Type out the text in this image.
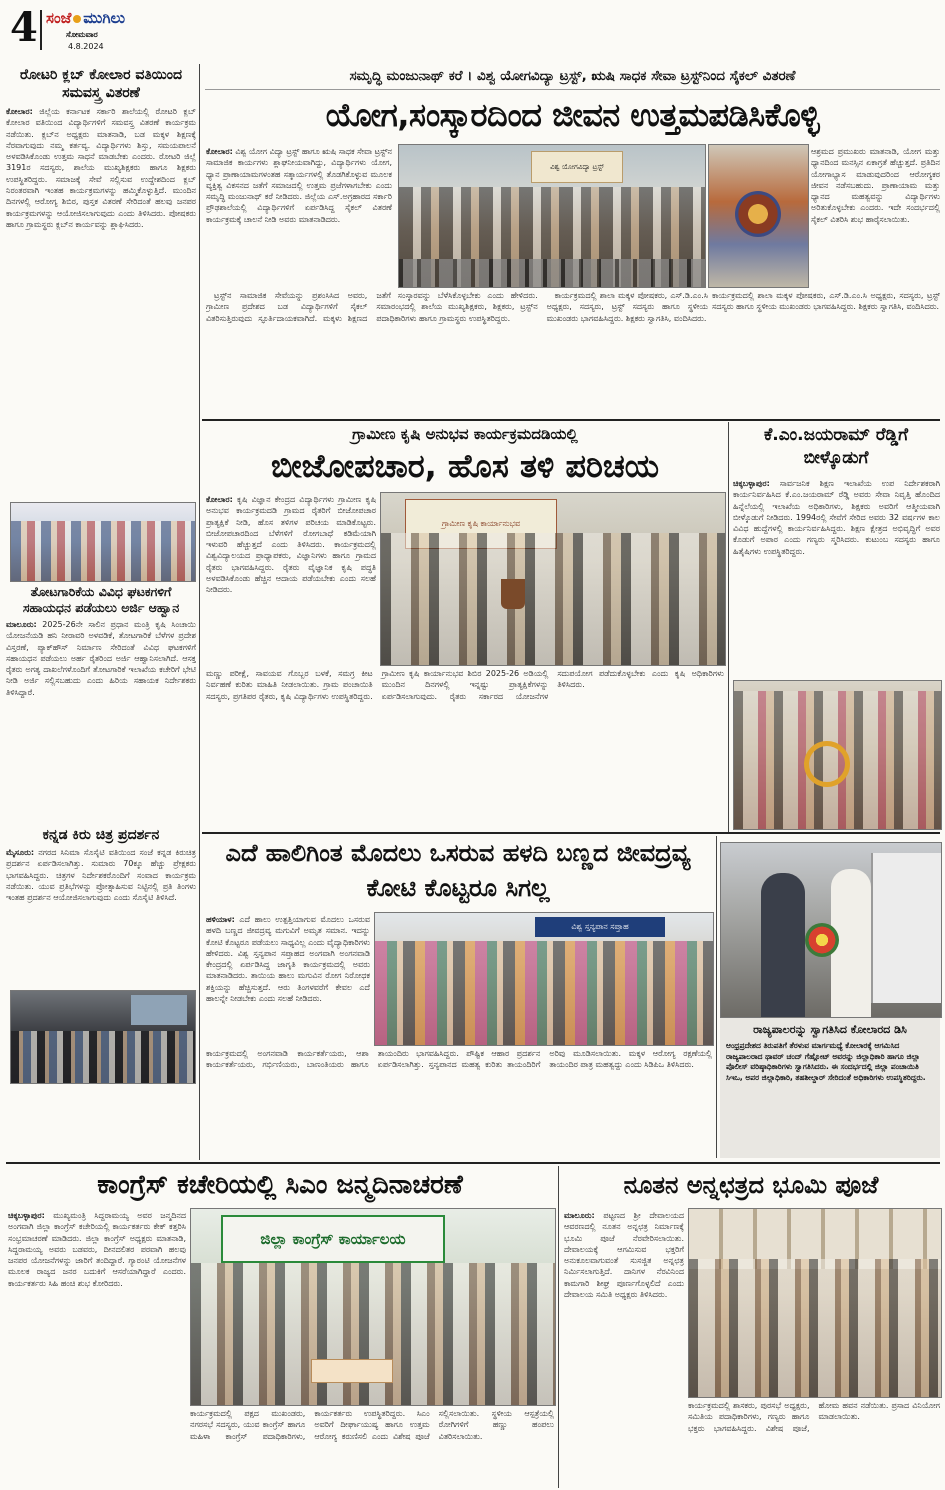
4 ಸಂಜೆ ಮುಗಿಲು
ಸೋಮವಾರ
4.8.2024
ಸಮೃದ್ಧಿ ಮಂಜುನಾಥ್ ಕರೆ । ವಿಶ್ವ ಯೋಗವಿದ್ಯಾ ಟ್ರಸ್ಟ್, ಋಷಿ ಸಾಧಕ ಸೇವಾ ಟ್ರಸ್ಟ್‌ನಿಂದ ಸೈಕಲ್ ವಿತರಣೆ
ಯೋಗ,ಸಂಸ್ಕಾರದಿಂದ ಜೀವನ ಉತ್ತಮಪಡಿಸಿಕೊಳ್ಳಿ
ಕೋಲಾರ: ವಿಶ್ವ ಯೋಗ ವಿದ್ಯಾ ಟ್ರಸ್ಟ್ ಹಾಗೂ ಋಷಿ ಸಾಧಕ ಸೇವಾ ಟ್ರಸ್ಟ್‌ನ ಸಾಮಾಜಿಕ ಕಾರ್ಯಗಳು ಶ್ಲಾಘನೀಯವಾಗಿದ್ದು, ವಿದ್ಯಾರ್ಥಿಗಳು ಯೋಗ, ಧ್ಯಾನ ಪ್ರಾಣಾಯಾಮಗಳಂತಹ ಸತ್ಕಾರ್ಯಗಳಲ್ಲಿ ತೊಡಗಿಕೊಳ್ಳುವ ಮೂಲಕ ವ್ಯಕ್ತಿತ್ವ ವಿಕಸನದ ಜತೆಗೆ ಸಮಾಜದಲ್ಲಿ ಉತ್ತಮ ಪ್ರಜೆಗಳಾಗಬೇಕು ಎಂದು ಸಮೃದ್ಧಿ ಮಂಜುನಾಥ್ ಕರೆ ನೀಡಿದರು. ಜಿಲ್ಲೆಯ ಎಸ್.ಅಗ್ರಹಾರದ ಸರ್ಕಾರಿ ಪ್ರೌಢಶಾಲೆಯಲ್ಲಿ ವಿದ್ಯಾರ್ಥಿಗಳಿಗೆ ಏರ್ಪಡಿಸಿದ್ದ ಸೈಕಲ್ ವಿತರಣೆ ಕಾರ್ಯಕ್ರಮಕ್ಕೆ ಚಾಲನೆ ನೀಡಿ ಅವರು ಮಾತನಾಡಿದರು.
ವಿಶ್ವ ಯೋಗವಿದ್ಯಾ ಟ್ರಸ್ಟ್
ಆಶ್ರಮದ ಪ್ರಮುಖರು ಮಾತನಾಡಿ, ಯೋಗ ಮತ್ತು ಧ್ಯಾನದಿಂದ ಮನಸ್ಸಿನ ಏಕಾಗ್ರತೆ ಹೆಚ್ಚುತ್ತದೆ. ಪ್ರತಿದಿನ ಯೋಗಾಭ್ಯಾಸ ಮಾಡುವುದರಿಂದ ಆರೋಗ್ಯಕರ ಜೀವನ ನಡೆಸಬಹುದು. ಪ್ರಾಣಾಯಾಮ ಮತ್ತು ಧ್ಯಾನದ ಮಹತ್ವವನ್ನು ವಿದ್ಯಾರ್ಥಿಗಳು ಅರಿತುಕೊಳ್ಳಬೇಕು ಎಂದರು. ಇದೇ ಸಂದರ್ಭದಲ್ಲಿ ಸೈಕಲ್ ವಿತರಿಸಿ ಶುಭ ಹಾರೈಸಲಾಯಿತು.

ಟ್ರಸ್ಟ್‌ನ ಸಾಮಾಜಿಕ ಸೇವೆಯನ್ನು ಪ್ರಶಂಸಿಸಿದ ಅವರು, ಗ್ರಾಮೀಣ ಪ್ರದೇಶದ ಬಡ ವಿದ್ಯಾರ್ಥಿಗಳಿಗೆ ಸೈಕಲ್ ವಿತರಿಸುತ್ತಿರುವುದು ಸ್ಫೂರ್ತಿದಾಯಕವಾಗಿದೆ. ಮಕ್ಕಳು ಶಿಕ್ಷಣದ ಜತೆಗೆ ಸಂಸ್ಕಾರವನ್ನು ಬೆಳೆಸಿಕೊಳ್ಳಬೇಕು ಎಂದು ಹೇಳಿದರು. ಸಮಾರಂಭದಲ್ಲಿ ಶಾಲೆಯ ಮುಖ್ಯಶಿಕ್ಷಕರು, ಶಿಕ್ಷಕರು, ಟ್ರಸ್ಟ್‌ನ ಪದಾಧಿಕಾರಿಗಳು ಹಾಗೂ ಗ್ರಾಮಸ್ಥರು ಉಪಸ್ಥಿತರಿದ್ದರು.

ಕಾರ್ಯಕ್ರಮದಲ್ಲಿ ಶಾಲಾ ಮಕ್ಕಳ ಪೋಷಕರು, ಎಸ್.ಡಿ.ಎಂ.ಸಿ ಅಧ್ಯಕ್ಷರು, ಸದಸ್ಯರು, ಟ್ರಸ್ಟ್ ಸದಸ್ಯರು ಹಾಗೂ ಸ್ಥಳೀಯ ಮುಖಂಡರು ಭಾಗವಹಿಸಿದ್ದರು. ಶಿಕ್ಷಕರು ಸ್ವಾಗತಿಸಿ, ವಂದಿಸಿದರು.

ಕಾರ್ಯಕ್ರಮದಲ್ಲಿ ಶಾಲಾ ಮಕ್ಕಳ ಪೋಷಕರು, ಎಸ್.ಡಿ.ಎಂ.ಸಿ ಅಧ್ಯಕ್ಷರು, ಸದಸ್ಯರು, ಟ್ರಸ್ಟ್ ಸದಸ್ಯರು ಹಾಗೂ ಸ್ಥಳೀಯ ಮುಖಂಡರು ಭಾಗವಹಿಸಿದ್ದರು. ಶಿಕ್ಷಕರು ಸ್ವಾಗತಿಸಿ, ವಂದಿಸಿದರು.
ರೋಟರಿ ಕ್ಲಬ್ ಕೋಲಾರ ವತಿಯಿಂದ ಸಮವಸ್ತ್ರ ವಿತರಣೆ
ಕೋಲಾರ: ಜಿಲ್ಲೆಯ ಕರ್ನಾಟಕ ಸರ್ಕಾರಿ ಶಾಲೆಯಲ್ಲಿ ರೋಟರಿ ಕ್ಲಬ್ ಕೋಲಾರ ವತಿಯಿಂದ ವಿದ್ಯಾರ್ಥಿಗಳಿಗೆ ಸಮವಸ್ತ್ರ ವಿತರಣೆ ಕಾರ್ಯಕ್ರಮ ನಡೆಯಿತು. ಕ್ಲಬ್‌ನ ಅಧ್ಯಕ್ಷರು ಮಾತನಾಡಿ, ಬಡ ಮಕ್ಕಳ ಶಿಕ್ಷಣಕ್ಕೆ ನೆರವಾಗುವುದು ನಮ್ಮ ಕರ್ತವ್ಯ. ವಿದ್ಯಾರ್ಥಿಗಳು ಶಿಸ್ತು, ಸಮಯಪಾಲನೆ ಅಳವಡಿಸಿಕೊಂಡು ಉತ್ತಮ ಸಾಧನೆ ಮಾಡಬೇಕು ಎಂದರು. ರೋಟರಿ ಜಿಲ್ಲೆ 3191ರ ಸದಸ್ಯರು, ಶಾಲೆಯ ಮುಖ್ಯಶಿಕ್ಷಕರು ಹಾಗೂ ಶಿಕ್ಷಕರು ಉಪಸ್ಥಿತರಿದ್ದರು. ಸಮಾಜಕ್ಕೆ ಸೇವೆ ಸಲ್ಲಿಸುವ ಉದ್ದೇಶದಿಂದ ಕ್ಲಬ್ ನಿರಂತರವಾಗಿ ಇಂತಹ ಕಾರ್ಯಕ್ರಮಗಳನ್ನು ಹಮ್ಮಿಕೊಳ್ಳುತ್ತಿದೆ. ಮುಂದಿನ ದಿನಗಳಲ್ಲಿ ಆರೋಗ್ಯ ಶಿಬಿರ, ಪುಸ್ತಕ ವಿತರಣೆ ಸೇರಿದಂತೆ ಹಲವು ಜನಪರ ಕಾರ್ಯಕ್ರಮಗಳನ್ನು ಆಯೋಜಿಸಲಾಗುವುದು ಎಂದು ತಿಳಿಸಿದರು. ಪೋಷಕರು ಹಾಗೂ ಗ್ರಾಮಸ್ಥರು ಕ್ಲಬ್‌ನ ಕಾರ್ಯವನ್ನು ಶ್ಲಾಘಿಸಿದರು.
ತೋಟಗಾರಿಕೆಯ ವಿವಿಧ ಘಟಕಗಳಿಗೆ ಸಹಾಯಧನ ಪಡೆಯಲು ಅರ್ಜಿ ಆಹ್ವಾನ
ಮಾಲೂರು: 2025-26ನೇ ಸಾಲಿನ ಪ್ರಧಾನ ಮಂತ್ರಿ ಕೃಷಿ ಸಿಂಚಾಯಿ ಯೋಜನೆಯಡಿ ಹನಿ ನೀರಾವರಿ ಅಳವಡಿಕೆ, ತೋಟಗಾರಿಕೆ ಬೆಳೆಗಳ ಪ್ರದೇಶ ವಿಸ್ತರಣೆ, ಪ್ಯಾಕ್‌ಹೌಸ್ ನಿರ್ಮಾಣ ಸೇರಿದಂತೆ ವಿವಿಧ ಘಟಕಗಳಿಗೆ ಸಹಾಯಧನ ಪಡೆಯಲು ಅರ್ಹ ರೈತರಿಂದ ಅರ್ಜಿ ಆಹ್ವಾನಿಸಲಾಗಿದೆ. ಆಸಕ್ತ ರೈತರು ಅಗತ್ಯ ದಾಖಲೆಗಳೊಂದಿಗೆ ತೋಟಗಾರಿಕೆ ಇಲಾಖೆಯ ಕಚೇರಿಗೆ ಭೇಟಿ ನೀಡಿ ಅರ್ಜಿ ಸಲ್ಲಿಸಬಹುದು ಎಂದು ಹಿರಿಯ ಸಹಾಯಕ ನಿರ್ದೇಶಕರು ತಿಳಿಸಿದ್ದಾರೆ.
ಕನ್ನಡ ಕಿರು ಚಿತ್ರ ಪ್ರದರ್ಶನ
ಮೈಸೂರು: ನಗರದ ಸಿನಿಮಾ ಸೊಸೈಟಿ ವತಿಯಿಂದ ಸಂಜೆ ಕನ್ನಡ ಕಿರುಚಿತ್ರ ಪ್ರದರ್ಶನ ಏರ್ಪಡಿಸಲಾಗಿತ್ತು. ಸುಮಾರು 70ಕ್ಕೂ ಹೆಚ್ಚು ಪ್ರೇಕ್ಷಕರು ಭಾಗವಹಿಸಿದ್ದರು. ಚಿತ್ರಗಳ ನಿರ್ದೇಶಕರೊಂದಿಗೆ ಸಂವಾದ ಕಾರ್ಯಕ್ರಮ ನಡೆಯಿತು. ಯುವ ಪ್ರತಿಭೆಗಳನ್ನು ಪ್ರೋತ್ಸಾಹಿಸುವ ನಿಟ್ಟಿನಲ್ಲಿ ಪ್ರತಿ ತಿಂಗಳು ಇಂತಹ ಪ್ರದರ್ಶನ ಆಯೋಜಿಸಲಾಗುವುದು ಎಂದು ಸೊಸೈಟಿ ತಿಳಿಸಿದೆ.
ಗ್ರಾಮೀಣ ಕೃಷಿ ಅನುಭವ ಕಾರ್ಯಕ್ರಮದಡಿಯಲ್ಲಿ
ಬೀಜೋಪಚಾರ, ಹೊಸ ತಳಿ ಪರಿಚಯ
ಕೋಲಾರ: ಕೃಷಿ ವಿಜ್ಞಾನ ಕೇಂದ್ರದ ವಿದ್ಯಾರ್ಥಿಗಳು ಗ್ರಾಮೀಣ ಕೃಷಿ ಅನುಭವ ಕಾರ್ಯಕ್ರಮದಡಿ ಗ್ರಾಮದ ರೈತರಿಗೆ ಬೀಜೋಪಚಾರ ಪ್ರಾತ್ಯಕ್ಷಿಕೆ ನೀಡಿ, ಹೊಸ ತಳಿಗಳ ಪರಿಚಯ ಮಾಡಿಕೊಟ್ಟರು. ಬೀಜೋಪಚಾರದಿಂದ ಬೆಳೆಗಳಿಗೆ ರೋಗಬಾಧೆ ಕಡಿಮೆಯಾಗಿ ಇಳುವರಿ ಹೆಚ್ಚುತ್ತದೆ ಎಂದು ತಿಳಿಸಿದರು. ಕಾರ್ಯಕ್ರಮದಲ್ಲಿ ವಿಶ್ವವಿದ್ಯಾಲಯದ ಪ್ರಾಧ್ಯಾಪಕರು, ವಿಜ್ಞಾನಿಗಳು ಹಾಗೂ ಗ್ರಾಮದ ರೈತರು ಭಾಗವಹಿಸಿದ್ದರು. ರೈತರು ವೈಜ್ಞಾನಿಕ ಕೃಷಿ ಪದ್ಧತಿ ಅಳವಡಿಸಿಕೊಂಡು ಹೆಚ್ಚಿನ ಆದಾಯ ಪಡೆಯಬೇಕು ಎಂದು ಸಲಹೆ ನೀಡಿದರು.
ಗ್ರಾಮೀಣ ಕೃಷಿ ಕಾರ್ಯಾನುಭವ
ಮಣ್ಣು ಪರೀಕ್ಷೆ, ಸಾವಯವ ಗೊಬ್ಬರ ಬಳಕೆ, ಸಮಗ್ರ ಕೀಟ ನಿರ್ವಹಣೆ ಕುರಿತು ಮಾಹಿತಿ ನೀಡಲಾಯಿತು. ಗ್ರಾಮ ಪಂಚಾಯಿತಿ ಸದಸ್ಯರು, ಪ್ರಗತಿಪರ ರೈತರು, ಕೃಷಿ ವಿದ್ಯಾರ್ಥಿಗಳು ಉಪಸ್ಥಿತರಿದ್ದರು. ಗ್ರಾಮೀಣ ಕೃಷಿ ಕಾರ್ಯಾನುಭವ ಶಿಬಿರ 2025-26 ಅಡಿಯಲ್ಲಿ ಮುಂದಿನ ದಿನಗಳಲ್ಲಿ ಇನ್ನಷ್ಟು ಪ್ರಾತ್ಯಕ್ಷಿಕೆಗಳನ್ನು ಏರ್ಪಡಿಸಲಾಗುವುದು. ರೈತರು ಸರ್ಕಾರದ ಯೋಜನೆಗಳ ಸದುಪಯೋಗ ಪಡೆದುಕೊಳ್ಳಬೇಕು ಎಂದು ಕೃಷಿ ಅಧಿಕಾರಿಗಳು ತಿಳಿಸಿದರು.
ಕೆ.ಎಂ.ಜಯರಾಮ್ ರೆಡ್ಡಿಗೆ ಬೀಳ್ಕೊಡುಗೆ
ಚಿಕ್ಕಬಳ್ಳಾಪುರ: ಸಾರ್ವಜನಿಕ ಶಿಕ್ಷಣ ಇಲಾಖೆಯ ಉಪ ನಿರ್ದೇಶಕರಾಗಿ ಕಾರ್ಯನಿರ್ವಹಿಸಿದ ಕೆ.ಎಂ.ಜಯರಾಮ್ ರೆಡ್ಡಿ ಅವರು ಸೇವಾ ನಿವೃತ್ತಿ ಹೊಂದಿದ ಹಿನ್ನೆಲೆಯಲ್ಲಿ ಇಲಾಖೆಯ ಅಧಿಕಾರಿಗಳು, ಶಿಕ್ಷಕರು ಅವರಿಗೆ ಆತ್ಮೀಯವಾಗಿ ಬೀಳ್ಕೊಡುಗೆ ನೀಡಿದರು. 1994ರಲ್ಲಿ ಸೇವೆಗೆ ಸೇರಿದ ಅವರು 32 ವರ್ಷಗಳ ಕಾಲ ವಿವಿಧ ಹುದ್ದೆಗಳಲ್ಲಿ ಕಾರ್ಯನಿರ್ವಹಿಸಿದ್ದರು. ಶಿಕ್ಷಣ ಕ್ಷೇತ್ರದ ಅಭಿವೃದ್ಧಿಗೆ ಅವರ ಕೊಡುಗೆ ಅಪಾರ ಎಂದು ಗಣ್ಯರು ಸ್ಮರಿಸಿದರು. ಕುಟುಂಬ ಸದಸ್ಯರು ಹಾಗೂ ಹಿತೈಷಿಗಳು ಉಪಸ್ಥಿತರಿದ್ದರು.
ಎದೆ ಹಾಲಿಗಿಂತ ಮೊದಲು ಒಸರುವ ಹಳದಿ ಬಣ್ಣದ ಜೀವದ್ರವ್ಯ ಕೋಟಿ ಕೊಟ್ಟರೂ ಸಿಗಲ್ಲ
ಹಳಿಯಾಳ: ಎದೆ ಹಾಲು ಉತ್ಪತ್ತಿಯಾಗುವ ಮೊದಲು ಒಸರುವ ಹಳದಿ ಬಣ್ಣದ ಜೀವದ್ರವ್ಯ ಮಗುವಿಗೆ ಅಮೃತ ಸಮಾನ. ಇದನ್ನು ಕೋಟಿ ಕೊಟ್ಟರೂ ಪಡೆಯಲು ಸಾಧ್ಯವಿಲ್ಲ ಎಂದು ವೈದ್ಯಾಧಿಕಾರಿಗಳು ಹೇಳಿದರು. ವಿಶ್ವ ಸ್ತನ್ಯಪಾನ ಸಪ್ತಾಹದ ಅಂಗವಾಗಿ ಅಂಗನವಾಡಿ ಕೇಂದ್ರದಲ್ಲಿ ಏರ್ಪಡಿಸಿದ್ದ ಜಾಗೃತಿ ಕಾರ್ಯಕ್ರಮದಲ್ಲಿ ಅವರು ಮಾತನಾಡಿದರು. ತಾಯಿಯ ಹಾಲು ಮಗುವಿನ ರೋಗ ನಿರೋಧಕ ಶಕ್ತಿಯನ್ನು ಹೆಚ್ಚಿಸುತ್ತದೆ. ಆರು ತಿಂಗಳವರೆಗೆ ಕೇವಲ ಎದೆ ಹಾಲನ್ನೇ ನೀಡಬೇಕು ಎಂದು ಸಲಹೆ ನೀಡಿದರು.
ವಿಶ್ವ ಸ್ತನ್ಯಪಾನ ಸಪ್ತಾಹ
ಕಾರ್ಯಕ್ರಮದಲ್ಲಿ ಅಂಗನವಾಡಿ ಕಾರ್ಯಕರ್ತೆಯರು, ಆಶಾ ಕಾರ್ಯಕರ್ತೆಯರು, ಗರ್ಭಿಣಿಯರು, ಬಾಣಂತಿಯರು ಹಾಗೂ ತಾಯಂದಿರು ಭಾಗವಹಿಸಿದ್ದರು. ಪೌಷ್ಟಿಕ ಆಹಾರ ಪ್ರದರ್ಶನ ಏರ್ಪಡಿಸಲಾಗಿತ್ತು. ಸ್ತನ್ಯಪಾನದ ಮಹತ್ವ ಕುರಿತು ತಾಯಂದಿರಿಗೆ ಅರಿವು ಮೂಡಿಸಲಾಯಿತು. ಮಕ್ಕಳ ಆರೋಗ್ಯ ರಕ್ಷಣೆಯಲ್ಲಿ ತಾಯಂದಿರ ಪಾತ್ರ ಮಹತ್ವದ್ದು ಎಂದು ಸಿಡಿಪಿಒ ತಿಳಿಸಿದರು.
ರಾಜ್ಯಪಾಲರನ್ನು ಸ್ವಾಗತಿಸಿದ ಕೋಲಾರದ ಡಿಸಿ
ಆಂಧ್ರಪ್ರದೇಶದ ತಿರುಪತಿಗೆ ತೆರಳುವ ಮಾರ್ಗಮಧ್ಯೆ ಕೋಲಾರಕ್ಕೆ ಆಗಮಿಸಿದ ರಾಜ್ಯಪಾಲರಾದ ಥಾವರ್ ಚಂದ್ ಗೆಹ್ಲೋಟ್ ಅವರನ್ನು ಜಿಲ್ಲಾಧಿಕಾರಿ ಹಾಗೂ ಜಿಲ್ಲಾ ಪೊಲೀಸ್ ವರಿಷ್ಠಾಧಿಕಾರಿಗಳು ಸ್ವಾಗತಿಸಿದರು. ಈ ಸಂದರ್ಭದಲ್ಲಿ ಜಿಲ್ಲಾ ಪಂಚಾಯಿತಿ ಸಿಇಒ, ಅಪರ ಜಿಲ್ಲಾಧಿಕಾರಿ, ತಹಶೀಲ್ದಾರ್ ಸೇರಿದಂತೆ ಅಧಿಕಾರಿಗಳು ಉಪಸ್ಥಿತರಿದ್ದರು.
ಕಾಂಗ್ರೆಸ್ ಕಚೇರಿಯಲ್ಲಿ ಸಿಎಂ ಜನ್ಮದಿನಾಚರಣೆ
ಚಿಕ್ಕಬಳ್ಳಾಪುರ: ಮುಖ್ಯಮಂತ್ರಿ ಸಿದ್ದರಾಮಯ್ಯ ಅವರ ಜನ್ಮದಿನದ ಅಂಗವಾಗಿ ಜಿಲ್ಲಾ ಕಾಂಗ್ರೆಸ್ ಕಚೇರಿಯಲ್ಲಿ ಕಾರ್ಯಕರ್ತರು ಕೇಕ್ ಕತ್ತರಿಸಿ ಸಂಭ್ರಮಾಚರಣೆ ಮಾಡಿದರು. ಜಿಲ್ಲಾ ಕಾಂಗ್ರೆಸ್ ಅಧ್ಯಕ್ಷರು ಮಾತನಾಡಿ, ಸಿದ್ದರಾಮಯ್ಯ ಅವರು ಬಡವರು, ದೀನದಲಿತರ ಪರವಾಗಿ ಹಲವು ಜನಪರ ಯೋಜನೆಗಳನ್ನು ಜಾರಿಗೆ ತಂದಿದ್ದಾರೆ. ಗ್ಯಾರಂಟಿ ಯೋಜನೆಗಳ ಮೂಲಕ ರಾಜ್ಯದ ಜನರ ಬದುಕಿಗೆ ಆಸರೆಯಾಗಿದ್ದಾರೆ ಎಂದರು. ಕಾರ್ಯಕರ್ತರು ಸಿಹಿ ಹಂಚಿ ಶುಭ ಕೋರಿದರು.
ಜಿಲ್ಲಾ ಕಾಂಗ್ರೆಸ್ ಕಾರ್ಯಾಲಯ
ಕಾರ್ಯಕ್ರಮದಲ್ಲಿ ಪಕ್ಷದ ಮುಖಂಡರು, ನಗರಸಭೆ ಸದಸ್ಯರು, ಯುವ ಕಾಂಗ್ರೆಸ್ ಹಾಗೂ ಮಹಿಳಾ ಕಾಂಗ್ರೆಸ್ ಪದಾಧಿಕಾರಿಗಳು, ಕಾರ್ಯಕರ್ತರು ಉಪಸ್ಥಿತರಿದ್ದರು. ಸಿಎಂ ಅವರಿಗೆ ದೀರ್ಘಾಯುಷ್ಯ ಹಾಗೂ ಉತ್ತಮ ಆರೋಗ್ಯ ಕರುಣಿಸಲಿ ಎಂದು ವಿಶೇಷ ಪೂಜೆ ಸಲ್ಲಿಸಲಾಯಿತು. ಸ್ಥಳೀಯ ಆಸ್ಪತ್ರೆಯಲ್ಲಿ ರೋಗಿಗಳಿಗೆ ಹಣ್ಣು ಹಂಪಲು ವಿತರಿಸಲಾಯಿತು.
ನೂತನ ಅನ್ನಛತ್ರದ ಭೂಮಿ ಪೂಜೆ
ಮಾಲೂರು: ಪಟ್ಟಣದ ಶ್ರೀ ದೇವಾಲಯದ ಆವರಣದಲ್ಲಿ ನೂತನ ಅನ್ನಛತ್ರ ನಿರ್ಮಾಣಕ್ಕೆ ಭೂಮಿ ಪೂಜೆ ನೆರವೇರಿಸಲಾಯಿತು. ದೇವಾಲಯಕ್ಕೆ ಆಗಮಿಸುವ ಭಕ್ತರಿಗೆ ಅನುಕೂಲವಾಗುವಂತೆ ಸುಸಜ್ಜಿತ ಅನ್ನಛತ್ರ ನಿರ್ಮಿಸಲಾಗುತ್ತಿದೆ. ದಾನಿಗಳ ನೆರವಿನಿಂದ ಕಾಮಗಾರಿ ಶೀಘ್ರ ಪೂರ್ಣಗೊಳ್ಳಲಿದೆ ಎಂದು ದೇವಾಲಯ ಸಮಿತಿ ಅಧ್ಯಕ್ಷರು ತಿಳಿಸಿದರು.
ಕಾರ್ಯಕ್ರಮದಲ್ಲಿ ಶಾಸಕರು, ಪುರಸಭೆ ಅಧ್ಯಕ್ಷರು, ಸಮಿತಿಯ ಪದಾಧಿಕಾರಿಗಳು, ಗಣ್ಯರು ಹಾಗೂ ಭಕ್ತರು ಭಾಗವಹಿಸಿದ್ದರು. ವಿಶೇಷ ಪೂಜೆ, ಹೋಮ ಹವನ ನಡೆಯಿತು. ಪ್ರಸಾದ ವಿನಿಯೋಗ ಮಾಡಲಾಯಿತು.
